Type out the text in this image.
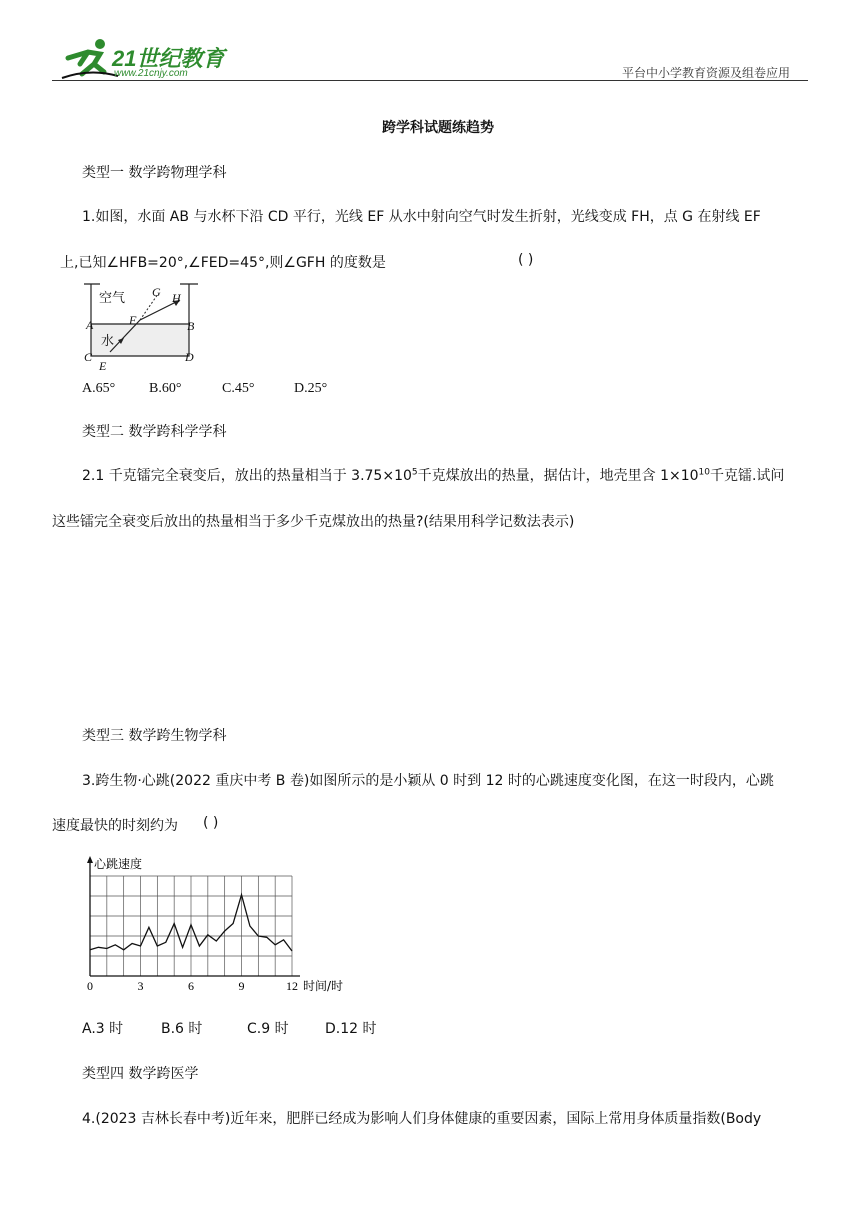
21世纪教育
www.21cnjy.com	平台中小学教育资源及组卷应用
跨学科试题练趋势
类型一 数学跨物理学科
1.如图，水面 AB 与水杯下沿 CD 平行，光线 EF 从水中射向空气时发生折射，光线变成 FH，点 G 在射线 EF
上,已知∠HFB=20°,∠FED=45°,则∠GFH 的度数是	( )
空气
水
A	B
C	D
E
F
G H
A.65° B.60°	C.45°	D.25°
类型二 数学跨科学学科
2.1 千克镭完全衰变后，放出的热量相当于 $3.75\times 10^5$千克煤放出的热量，据估计，地壳里含 $1\times 10^{10}$千克镭.试问
这些镭完全衰变后放出的热量相当于多少千克煤放出的热量?(结果用科学记数法表示)
类型三 数学跨生物学科
3.跨生物·心跳(2022 重庆中考 B 卷)如图所示的是小颖从 0 时到 12 时的心跳速度变化图，在这一时段内，心跳
速度最快的时刻约为 ( )
心跳速度
时间/时
0	3	6	9	12
A.3 时	B.6 时	C.9 时	D.12 时
类型四 数学跨医学
4.(2023 吉林长春中考)近年来，肥胖已经成为影响人们身体健康的重要因素，国际上常用身体质量指数(Body
